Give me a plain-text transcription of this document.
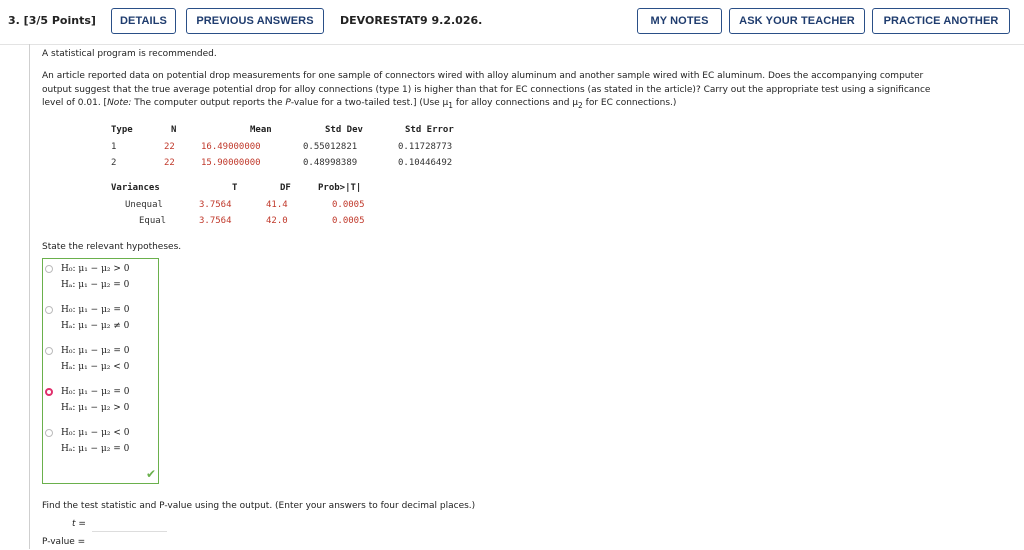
3. [3/5 Points]	DETAILS	PREVIOUS ANSWERS	DEVORESTAT9 9.2.026.	MY NOTES	ASK YOUR TEACHER	PRACTICE ANOTHER
A statistical program is recommended.
An article reported data on potential drop measurements for one sample of connectors wired with alloy aluminum and another sample wired with EC aluminum. Does the accompanying computer
output suggest that the true average potential drop for alloy connections (type 1) is higher than that for EC connections (as stated in the article)? Carry out the appropriate test using a significance
level of 0.01. [Note: The computer output reports the P-value for a two-tailed test.] (Use $\mu_1$ for alloy connections and $\mu_2$ for EC connections.)
Type	N	Mean	Std Dev	Std Error
1	22	16.49000000	0.55012821	0.11728773
2	22	15.90000000	0.48998389	0.10446492
Variances	T	DF	Prob>|T|
Unequal	3.7564	41.4	0.0005
Equal	3.7564	42.0	0.0005
State the relevant hypotheses.
H₀: μ₁ − μ₂ > 0
Hₐ: μ₁ − μ₂ = 0
H₀: μ₁ − μ₂ = 0
Hₐ: μ₁ − μ₂ ≠ 0
H₀: μ₁ − μ₂ = 0
Hₐ: μ₁ − μ₂ < 0
H₀: μ₁ − μ₂ = 0
Hₐ: μ₁ − μ₂ > 0
H₀: μ₁ − μ₂ < 0
Hₐ: μ₁ − μ₂ = 0
✔
Find the test statistic and P-value using the output. (Enter your answers to four decimal places.)
t =
P-value =
